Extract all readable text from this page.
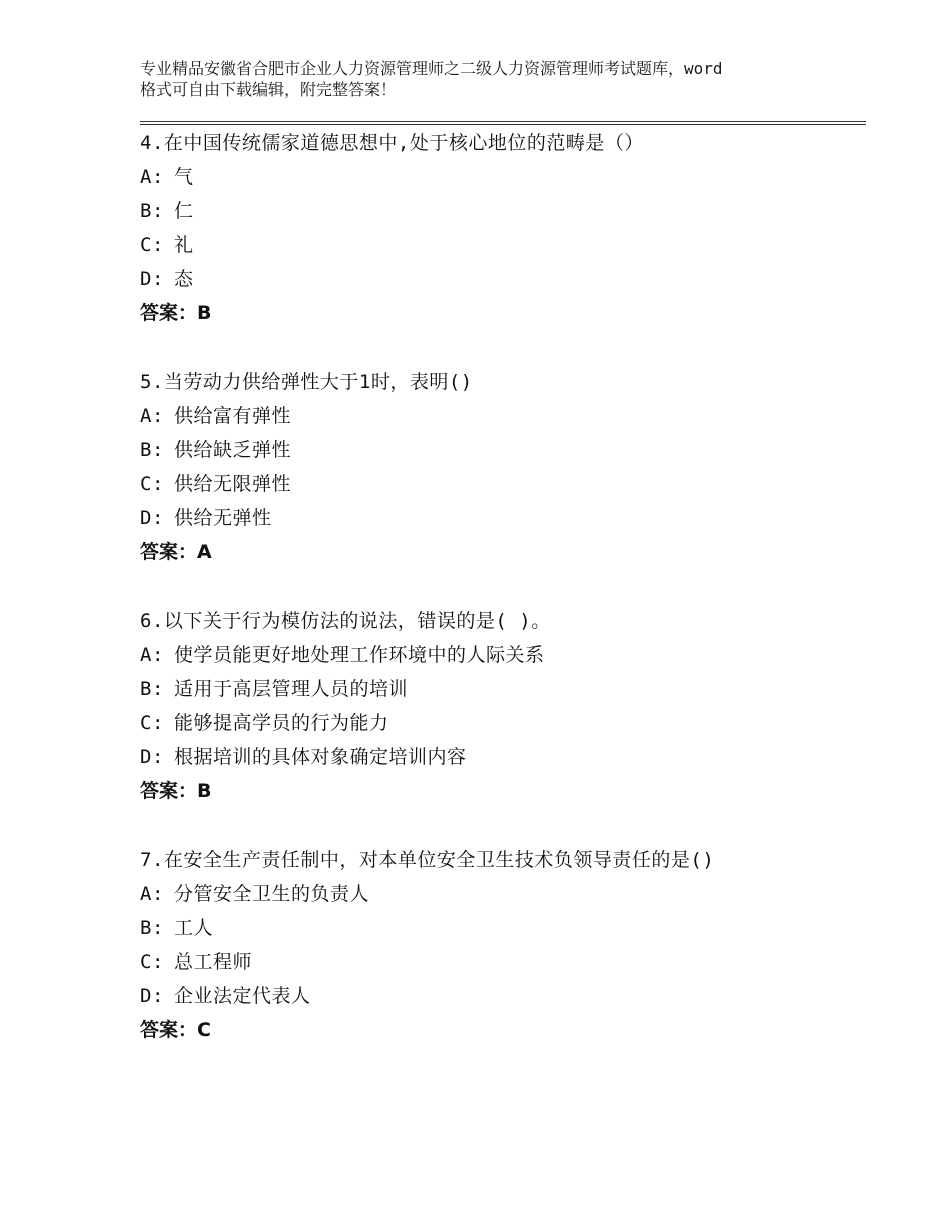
专业精品安徽省合肥市企业人力资源管理师之二级人力资源管理师考试题库，word
格式可自由下载编辑，附完整答案！
4.在中国传统儒家道德思想中,处于核心地位的范畴是（）
A: 气
B: 仁
C: 礼
D: 态
答案：B
5.当劳动力供给弹性大于1时，表明()
A: 供给富有弹性
B: 供给缺乏弹性
C: 供给无限弹性
D: 供给无弹性
答案：A
6.以下关于行为模仿法的说法，错误的是( )。
A: 使学员能更好地处理工作环境中的人际关系
B: 适用于高层管理人员的培训
C: 能够提高学员的行为能力
D: 根据培训的具体对象确定培训内容
答案：B
7.在安全生产责任制中，对本单位安全卫生技术负领导责任的是()
A: 分管安全卫生的负责人
B: 工人
C: 总工程师
D: 企业法定代表人
答案：C
